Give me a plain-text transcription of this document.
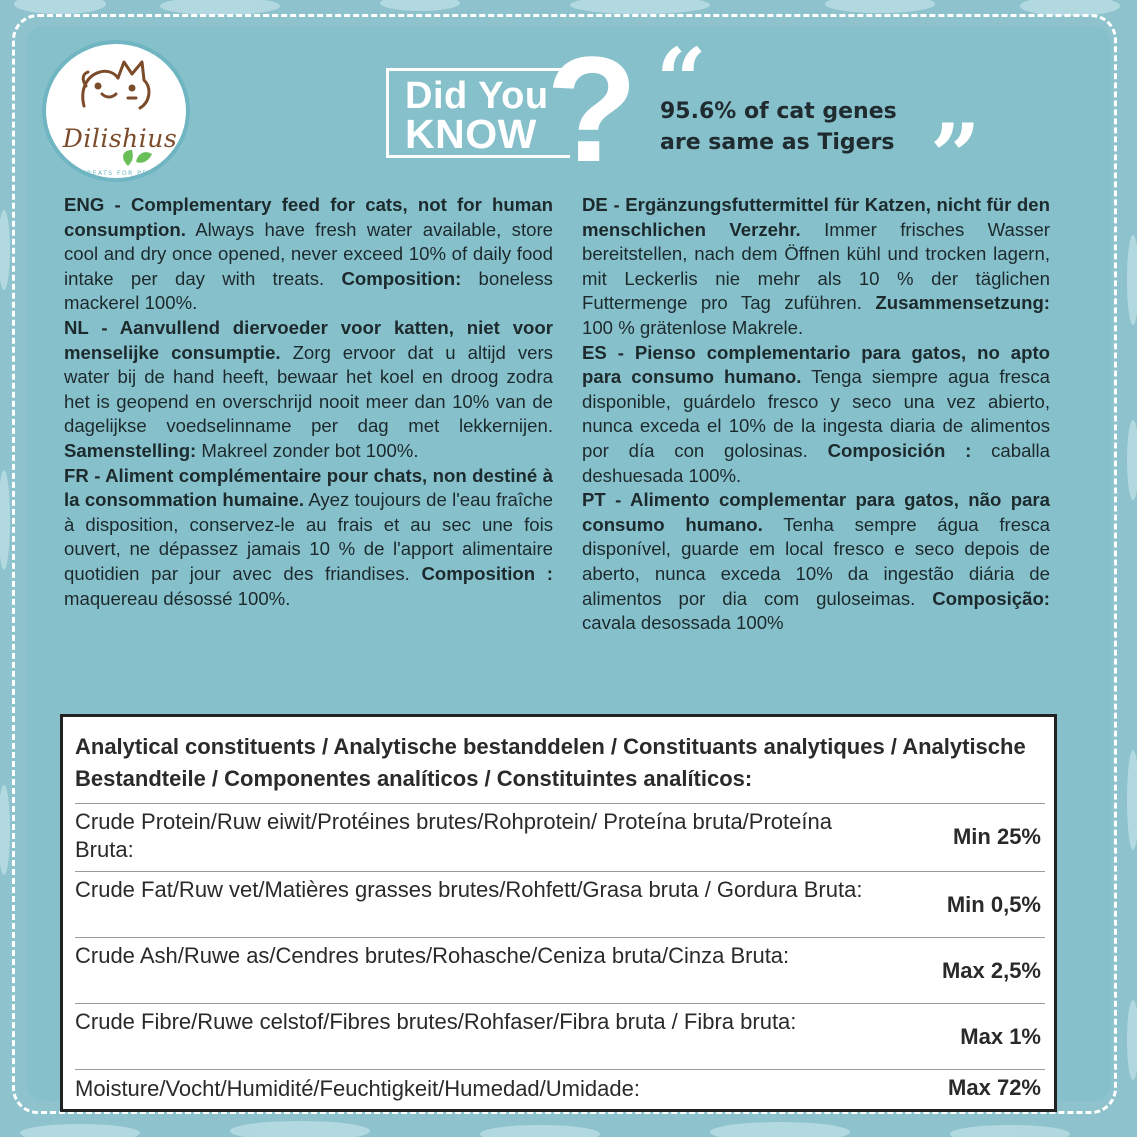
Dilishius
TREATS FOR PETS
Did You
KNOW ? “
95.6% of cat genes
are same as Tigers ”

ENG - Complementary feed for cats, not for human consumption. Always have fresh water available, store cool and dry once opened, never exceed 10% of daily food intake per day with treats. Composition: boneless mackerel 100%.

NL - Aanvullend diervoeder voor katten, niet voor menselijke consumptie. Zorg ervoor dat u altijd vers water bij de hand heeft, bewaar het koel en droog zodra het is geopend en overschrijd nooit meer dan 10% van de dagelijkse voedselinname per dag met lekkernijen. Samenstelling: Makreel zonder bot 100%.

FR - Aliment complémentaire pour chats, non destiné à la consommation humaine. Ayez toujours de l'eau fraîche à disposition, conservez-le au frais et au sec une fois ouvert, ne dépassez jamais 10 % de l'apport alimentaire quotidien par jour avec des friandises. Composition : maquereau désossé 100%.

DE - Ergänzungsfuttermittel für Katzen, nicht für den menschlichen Verzehr. Immer frisches Wasser bereitstellen, nach dem Öffnen kühl und trocken lagern, mit Leckerlis nie mehr als 10 % der täglichen Futtermenge pro Tag zuführen. Zusammensetzung: 100 % grätenlose Makrele.

ES - Pienso complementario para gatos, no apto para consumo humano. Tenga siempre agua fresca disponible, guárdelo fresco y seco una vez abierto, nunca exceda el 10% de la ingesta diaria de alimentos por día con golosinas. Composición : caballa deshuesada 100%.

PT - Alimento complementar para gatos, não para consumo humano. Tenha sempre água fresca disponível, guarde em local fresco e seco depois de aberto, nunca exceda 10% da ingestão diária de alimentos por dia com guloseimas. Composição: cavala desossada 100%

Analytical constituents / Analytische bestanddelen / Constituants analytiques / Analytische Bestandteile / Componentes analíticos / Constituintes analíticos:
Crude Protein/Ruw eiwit/Protéines brutes/Rohprotein/ Proteína bruta/Proteína Bruta:
Min 25%
Crude Fat/Ruw vet/Matières grasses brutes/Rohfett/Grasa bruta / Gordura Bruta:
Min 0,5%
Crude Ash/Ruwe as/Cendres brutes/Rohasche/Ceniza bruta/Cinza Bruta:
Max 2,5%
Crude Fibre/Ruwe celstof/Fibres brutes/Rohfaser/Fibra bruta / Fibra bruta:
Max 1%
Moisture/Vocht/Humidité/Feuchtigkeit/Humedad/Umidade:	Max 72%
